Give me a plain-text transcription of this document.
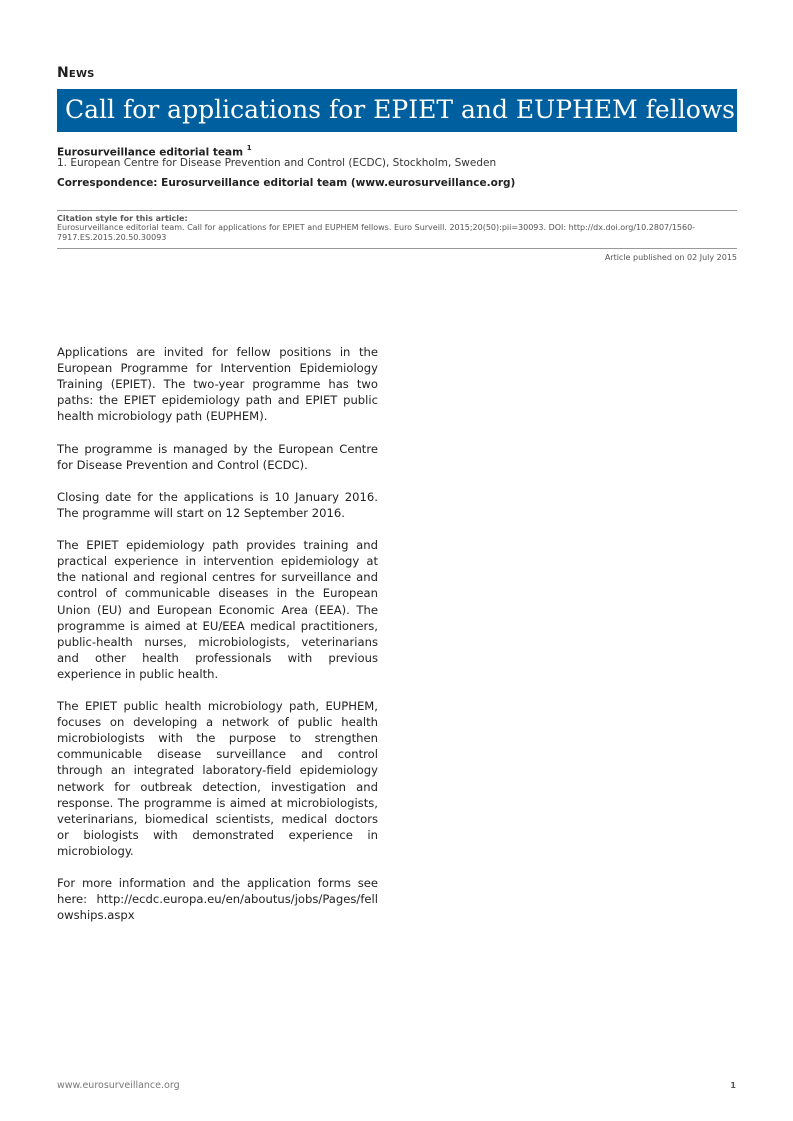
News
Call for applications for EPIET and EUPHEM fellows
Eurosurveillance editorial team $^1$
1. European Centre for Disease Prevention and Control (ECDC), Stockholm, Sweden
Correspondence: Eurosurveillance editorial team (www.eurosurveillance.org)
Citation style for this article:
Eurosurveillance editorial team. Call for applications for EPIET and EUPHEM fellows. Euro Surveill. 2015;20(50):pii=30093. DOI: http://dx.doi.org/10.2807/1560-7917.ES.2015.20.50.30093
Article published on 02 July 2015

Applications are invited for fellow positions in the European Programme for Intervention Epidemiology Training (EPIET). The two-year programme has two paths: the EPIET epidemiology path and EPIET public health microbiology path (EUPHEM).

The programme is managed by the European Centre for Disease Prevention and Control (ECDC).

Closing date for the applications is 10 January 2016. The programme will start on 12 September 2016.

The EPIET epidemiology path provides training and practical experience in intervention epidemiology at the national and regional centres for surveillance and control of communicable diseases in the European Union (EU) and European Economic Area (EEA). The programme is aimed at EU/EEA medical practitioners, public-health nurses, microbiologists, veterinarians and other health professionals with previous experience in public health.

The EPIET public health microbiology path, EUPHEM, focuses on developing a network of public health microbiologists with the purpose to strengthen communicable disease surveillance and control through an integrated laboratory-field epidemiology network for outbreak detection, investigation and response. The programme is aimed at microbiologists, veterinarians, biomedical scientists, medical doctors or biologists with demonstrated experience in microbiology.

For more information and the application forms see here: http://ecdc.europa.eu/en/aboutus/jobs/Pages/fellowships.aspx

www.eurosurveillance.org	1
